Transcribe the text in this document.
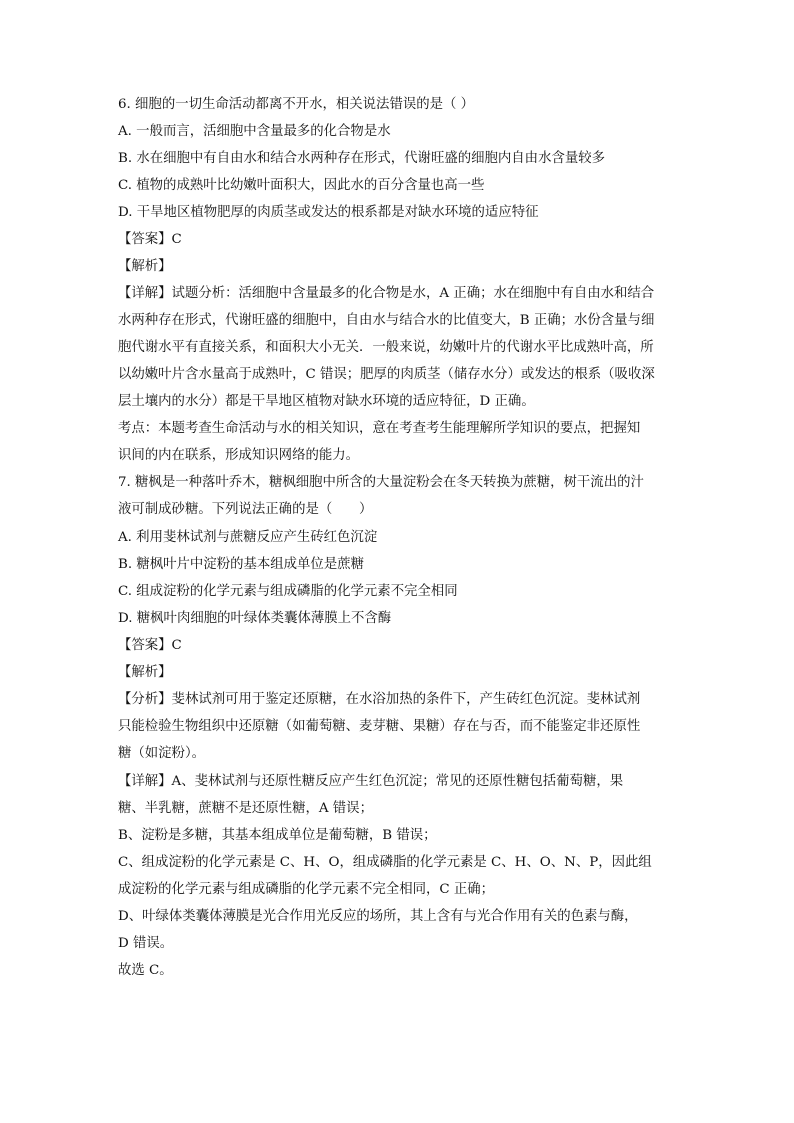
6. 细胞的一切生命活动都离不开水，相关说法错误的是（ ）
A. 一般而言，活细胞中含量最多的化合物是水
B. 水在细胞中有自由水和结合水两种存在形式，代谢旺盛的细胞内自由水含量较多
C. 植物的成熟叶比幼嫩叶面积大，因此水的百分含量也高一些
D. 干旱地区植物肥厚的肉质茎或发达的根系都是对缺水环境的适应特征
【答案】C
【解析】
【详解】试题分析：活细胞中含量最多的化合物是水，A 正确；水在细胞中有自由水和结合
水两种存在形式，代谢旺盛的细胞中，自由水与结合水的比值变大，B 正确；水份含量与细
胞代谢水平有直接关系，和面积大小无关．一般来说，幼嫩叶片的代谢水平比成熟叶高，所
以幼嫩叶片含水量高于成熟叶，C 错误；肥厚的肉质茎（储存水分）或发达的根系（吸收深
层土壤内的水分）都是干旱地区植物对缺水环境的适应特征，D 正确。
考点：本题考查生命活动与水的相关知识，意在考查考生能理解所学知识的要点，把握知
识间的内在联系，形成知识网络的能力。
7. 糖枫是一种落叶乔木，糖枫细胞中所含的大量淀粉会在冬天转换为蔗糖，树干流出的汁
液可制成砂糖。下列说法正确的是（　　）
A. 利用斐林试剂与蔗糖反应产生砖红色沉淀
B. 糖枫叶片中淀粉的基本组成单位是蔗糖
C. 组成淀粉的化学元素与组成磷脂的化学元素不完全相同
D. 糖枫叶肉细胞的叶绿体类囊体薄膜上不含酶
【答案】C
【解析】
【分析】斐林试剂可用于鉴定还原糖，在水浴加热的条件下，产生砖红色沉淀。斐林试剂
只能检验生物组织中还原糖（如葡萄糖、麦芽糖、果糖）存在与否，而不能鉴定非还原性
糖（如淀粉）。
【详解】A、斐林试剂与还原性糖反应产生红色沉淀；常见的还原性糖包括葡萄糖，果
糖、半乳糖，蔗糖不是还原性糖，A 错误；
B、淀粉是多糖，其基本组成单位是葡萄糖，B 错误；
C、组成淀粉的化学元素是 C、H、O，组成磷脂的化学元素是 C、H、O、N、P，因此组
成淀粉的化学元素与组成磷脂的化学元素不完全相同，C 正确；
D、叶绿体类囊体薄膜是光合作用光反应的场所，其上含有与光合作用有关的色素与酶，
D 错误。
故选 C。
